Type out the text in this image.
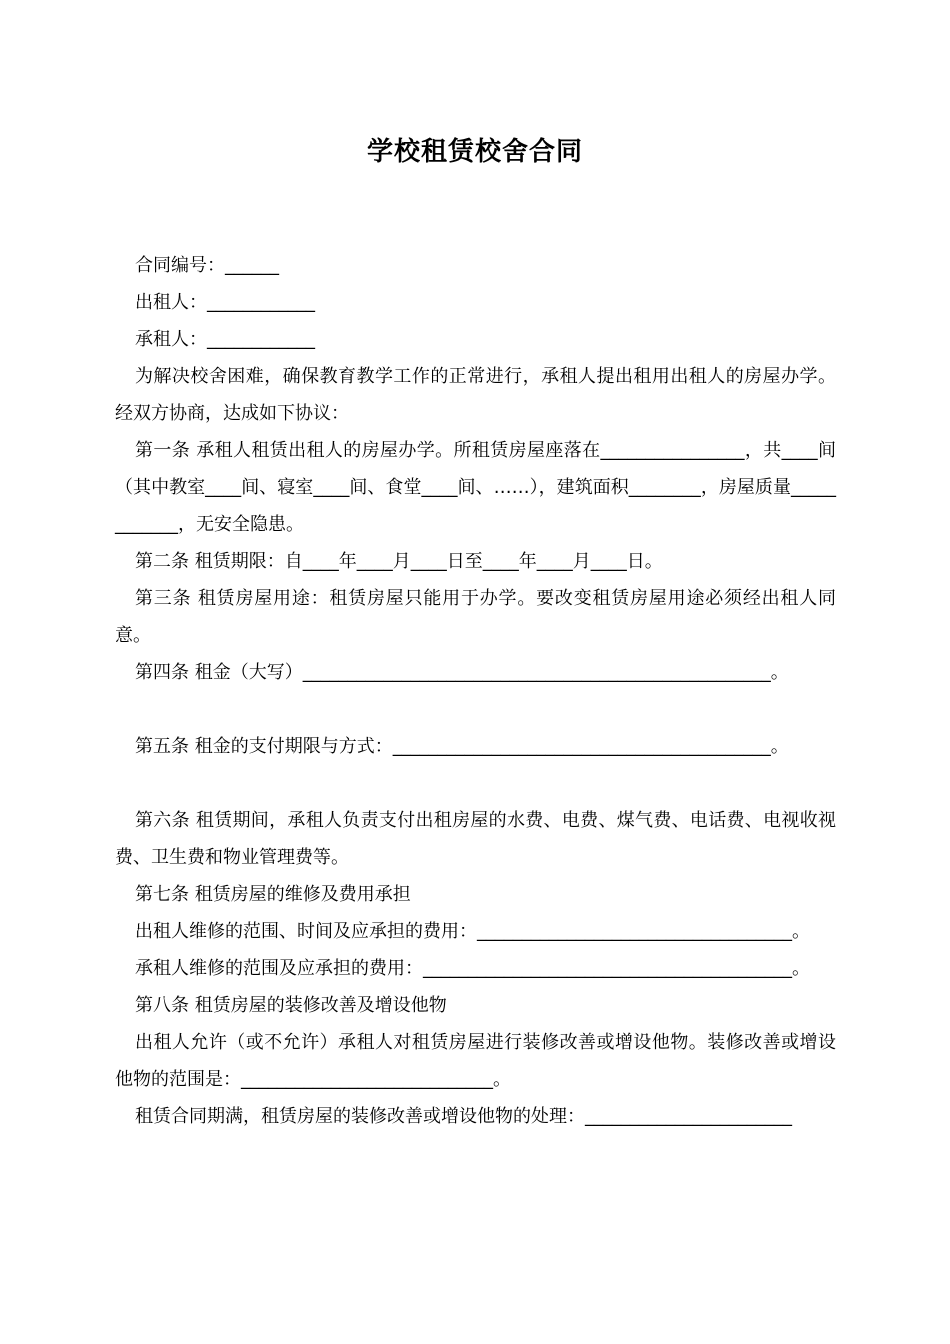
学校租赁校舍合同

合同编号：______

出租人：____________

承租人：____________

为解决校舍困难，确保教育教学工作的正常进行，承租人提出租用出租人的房屋办学。经双方协商，达成如下协议：

第一条 承租人租赁出租人的房屋办学。所租赁房屋座落在________________，共____间（其中教室____间、寝室____间、食堂____间、……），建筑面积________，房屋质量____________，无安全隐患。

第二条 租赁期限：自____年____月____日至____年____月____日。

第三条 租赁房屋用途：租赁房屋只能用于办学。要改变租赁房屋用途必须经出租人同意。

第四条 租金（大写）____________________________________________________。

第五条 租金的支付期限与方式：__________________________________________。

第六条 租赁期间，承租人负责支付出租房屋的水费、电费、煤气费、电话费、电视收视费、卫生费和物业管理费等。

第七条 租赁房屋的维修及费用承担

出租人维修的范围、时间及应承担的费用：___________________________________。

承租人维修的范围及应承担的费用：_________________________________________。

第八条 租赁房屋的装修改善及增设他物

出租人允许（或不允许）承租人对租赁房屋进行装修改善或增设他物。装修改善或增设他物的范围是：____________________________。

租赁合同期满，租赁房屋的装修改善或增设他物的处理：_______________________
